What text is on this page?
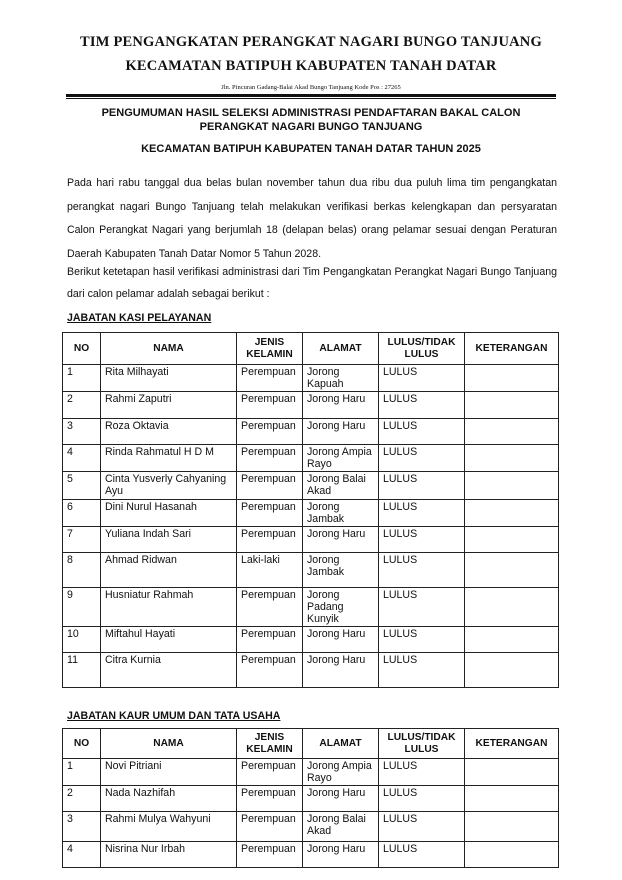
TIM PENGANGKATAN PERANGKAT NAGARI BUNGO TANJUANG
KECAMATAN BATIPUH KABUPATEN TANAH DATAR
Jln. Pincuran Gadang-Balai Akad Bungo Tanjuang Kode Pos : 27265
PENGUMUMAN HASIL SELEKSI ADMINISTRASI PENDAFTARAN BAKAL CALON
PERANGKAT NAGARI BUNGO TANJUANG
KECAMATAN BATIPUH KABUPATEN TANAH DATAR TAHUN 2025
Pada hari rabu tanggal dua belas bulan november tahun dua ribu dua puluh lima tim pengangkatan perangkat nagari Bungo Tanjuang telah melakukan verifikasi berkas kelengkapan dan persyaratan Calon Perangkat Nagari yang berjumlah 18 (delapan belas) orang pelamar sesuai dengan Peraturan Daerah Kabupaten Tanah Datar Nomor 5 Tahun 2028.
Berikut ketetapan hasil verifikasi administrasi dari Tim Pengangkatan Perangkat Nagari Bungo Tanjuang dari calon pelamar adalah sebagai berikut :
JABATAN KASI PELAYANAN
NO	NAMA	JENIS KELAMIN	ALAMAT	LULUS/TIDAK LULUS	KETERANGAN
1	Rita Milhayati	Perempuan	Jorong Kapuah	LULUS	
2	Rahmi Zaputri	Perempuan	Jorong Haru	LULUS	
3	Roza Oktavia	Perempuan	Jorong Haru	LULUS	
4	Rinda Rahmatul H D M	Perempuan	Jorong Ampia Rayo	LULUS	
5	Cinta Yusverly Cahyaning Ayu	Perempuan	Jorong Balai Akad	LULUS	
6	Dini Nurul Hasanah	Perempuan	Jorong Jambak	LULUS	
7	Yuliana Indah Sari	Perempuan	Jorong Haru	LULUS	
8	Ahmad Ridwan	Laki-laki	Jorong Jambak	LULUS	
9	Husniatur Rahmah	Perempuan	Jorong Padang Kunyik	LULUS	
10	Miftahul Hayati	Perempuan	Jorong Haru	LULUS	
11	Citra Kurnia	Perempuan	Jorong Haru	LULUS	
JABATAN KAUR UMUM DAN TATA USAHA
NO	NAMA	JENIS KELAMIN	ALAMAT	LULUS/TIDAK LULUS	KETERANGAN
1	Novi Pitriani	Perempuan	Jorong Ampia Rayo	LULUS	
2	Nada Nazhifah	Perempuan	Jorong Haru	LULUS	
3	Rahmi Mulya Wahyuni	Perempuan	Jorong Balai Akad	LULUS	
4	Nisrina Nur Irbah	Perempuan	Jorong Haru	LULUS	
